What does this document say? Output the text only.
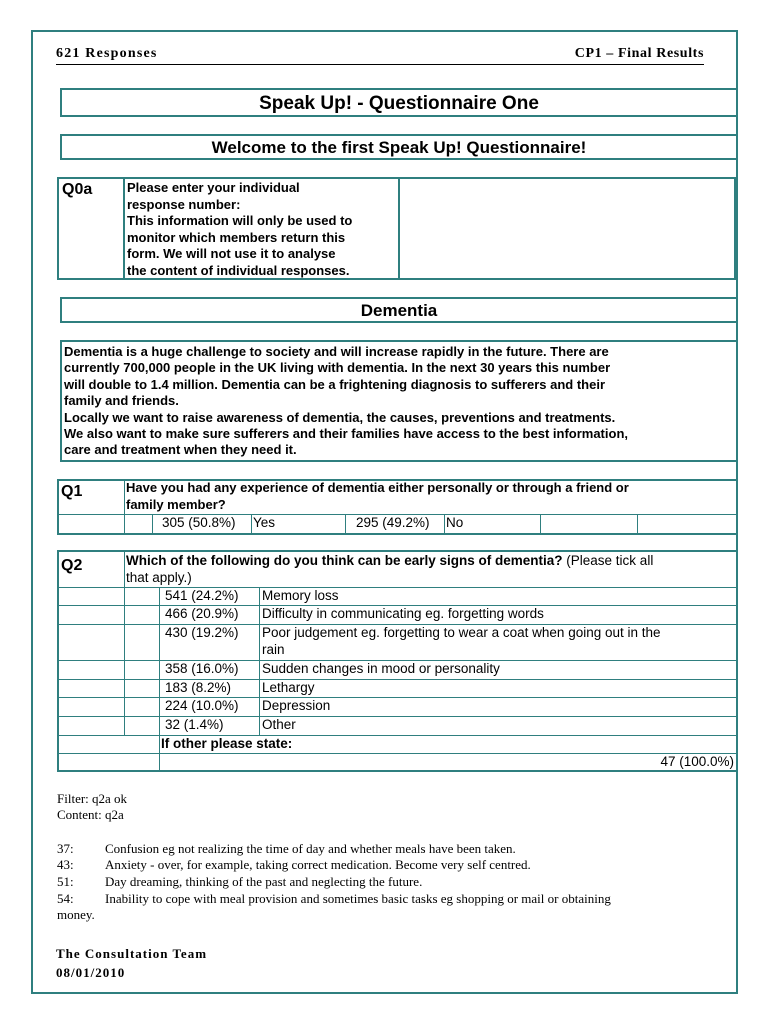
621 Responses	CP1 – Final Results
Speak Up! - Questionnaire One
Welcome to the first Speak Up! Questionnaire!
Q0a	Please enter your individual
response number:
This information will only be used to
monitor which members return this
form. We will not use it to analyse
the content of individual responses.
Dementia
Dementia is a huge challenge to society and will increase rapidly in the future. There are
currently 700,000 people in the UK living with dementia. In the next 30 years this number
will double to 1.4 million. Dementia can be a frightening diagnosis to sufferers and their
family and friends.
Locally we want to raise awareness of dementia, the causes, preventions and treatments.
We also want to make sure sufferers and their families have access to the best information,
care and treatment when they need it.
Q1	Have you had any experience of dementia either personally or through a friend or
family member?
305 (50.8%) Yes	295 (49.2%) No
Q2	Which of the following do you think can be early signs of dementia? (Please tick all
that apply.)
541 (24.2%) Memory loss
466 (20.9%) Difficulty in communicating eg. forgetting words
430 (19.2%) Poor judgement eg. forgetting to wear a coat when going out in the
rain
358 (16.0%) Sudden changes in mood or personality
183 (8.2%) Lethargy
224 (10.0%) Depression
32 (1.4%)	Other
If other please state:
47 (100.0%)
Filter: q2a ok
Content: q2a
37: Confusion eg not realizing the time of day and whether meals have been taken.
43: Anxiety - over, for example, taking correct medication. Become very self centred.
51: Day dreaming, thinking of the past and neglecting the future.
54: Inability to cope with meal provision and sometimes basic tasks eg shopping or mail or obtaining
money.
The Consultation Team
08/01/2010
